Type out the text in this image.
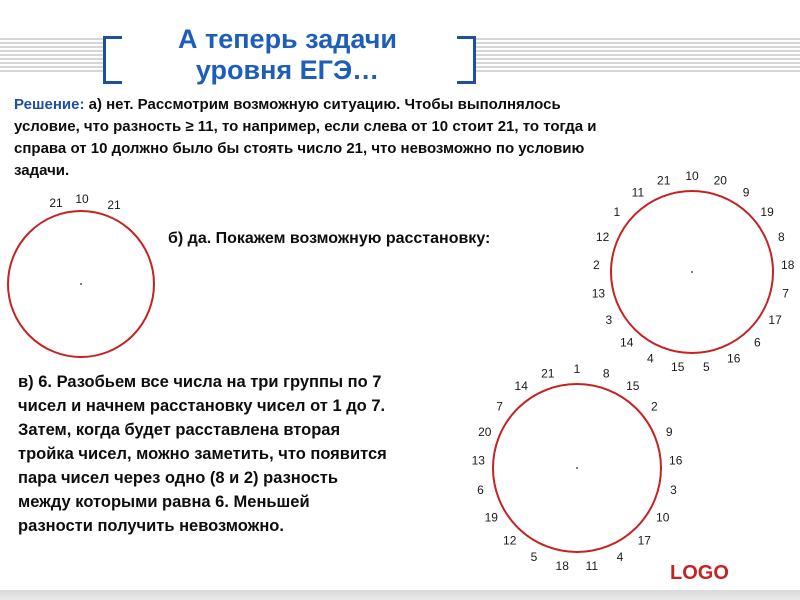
А теперь задачи
уровня ЕГЭ…
Решение: а) нет. Рассмотрим возможную ситуацию. Чтобы выполнялось
условие, что разность ≥ 11, то например, если слева от 10 стоит 21, то тогда и
справа от 10 должно было бы стоять число 21, что невозможно по условию
задачи.
б) да. Покажем возможную расстановку:
в) 6. Разобьем все числа на три группы по 7
чисел и начнем расстановку чисел от 1 до 7.
Затем, когда будет расставлена вторая
тройка чисел, можно заметить, что появится
пара чисел через одно (8 и 2) разность
между которыми равна 6. Меньшей
разности получить невозможно.
21 10 21
10 20
9
19
8
18
7
17
6
16
5
15
4
14
3
13
2
12
1
11
21
1 8
15
2
9
16
3
10
17
4
11
18
5
12
19
6
13
20
7
14
21
LOGO
